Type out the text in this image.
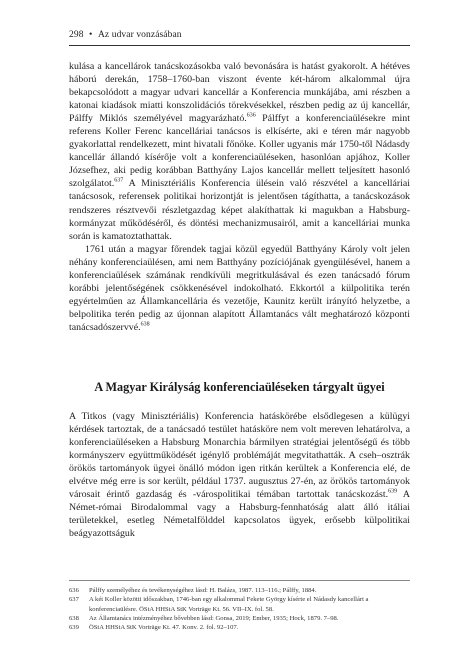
298 • Az udvar vonzásában

kulása a kancellárok tanácskozásokba való bevonására is hatást gyakorolt. A hétéves háború derekán, 1758–1760-ban viszont évente két-három alkalommal újra bekapcsolódott a magyar udvari kancellár a Konferencia munkájába, ami részben a katonai kiadások miatti konszolidációs törekvésekkel, részben pedig az új kancellár, Pálffy Miklós személyével magyarázható.$^{636}$ Pálffyt a konferenciaülésekre mint referens Koller Ferenc kancelláriai tanácsos is elkísérte, aki e téren már nagyobb gyakorlattal rendelkezett, mint hivatali főnöke. Koller ugyanis már 1750-től Nádasdy kancellár állandó kísérője volt a konferenciaüléseken, hasonlóan apjához, Koller Józsefhez, aki pedig korábban Batthyány Lajos kancellár mellett teljesített hasonló szolgálatot.$^{637}$ A Minisztériális Konferencia ülésein való részvétel a kancelláriai tanácsosok, referensek politikai horizontját is jelentősen tágíthatta, a tanácskozások rendszeres résztvevői részletgazdag képet alakíthattak ki magukban a Habsburg-kormányzat működéséről, és döntési mechanizmusairól, amit a kancelláriai munka során is kamatoztathattak.

1761 után a magyar főrendek tagjai közül egyedül Batthyány Károly volt jelen néhány konferenciaülésen, ami nem Batthyány pozíciójának gyengülésével, hanem a konferenciaülések számának rendkívüli megritkulásával és ezen tanácsadó fórum korábbi jelentőségének csökkenésével indokolható. Ekkortól a külpolitika terén egyértelműen az Államkancellária és vezetője, Kaunitz került irányító helyzetbe, a belpolitika terén pedig az újonnan alapított Államtanács vált meghatározó központi tanácsadószervvé.$^{638}$

A Magyar Királyság konferenciaüléseken tárgyalt ügyei

A Titkos (vagy Minisztériális) Konferencia hatáskörébe elsődlegesen a külügyi kérdések tartoztak, de a tanácsadó testület hatásköre nem volt mereven lehatárolva, a konferenciaüléseken a Habsburg Monarchia bármilyen stratégiai jelentőségű és több kormányszerv együttműködését igénylő problémáját megvitathatták. A cseh–osztrák örökös tartományok ügyei önálló módon igen ritkán kerültek a Konferencia elé, de elvétve még erre is sor került, például 1737. augusztus 27-én, az örökös tartományok városait érintő gazdaság és -várospolitikai témában tartottak tanácskozást.$^{639}$ A Német-római Birodalommal vagy a Habsburg-fennhatóság alatt álló itáliai területekkel, esetleg Németalfölddel kapcsolatos ügyek, erősebb külpolitikai beágyazottságuk

636	Pálffy személyéhez és tevékenységéhez lásd: H. Balázs, 1987. 113–116.; Pálffy, 1884.
637	A két Koller közötti időszakban, 1746-ban egy alkalommal Fekete György kísérte el Nádasdy kancellárt a konferenciaülésre. ÖStA HHStA StK Vorträge Kt. 56. VII–IX. fol. 58.
638	Az Államtanács intézményéhez bővebben lásd: Gonsa, 2019; Ember, 1935; Hock, 1879. 7–98.
639	ÖStA HHStA StK Vorträge Kt. 47. Konv. 2. fol. 92–107.
